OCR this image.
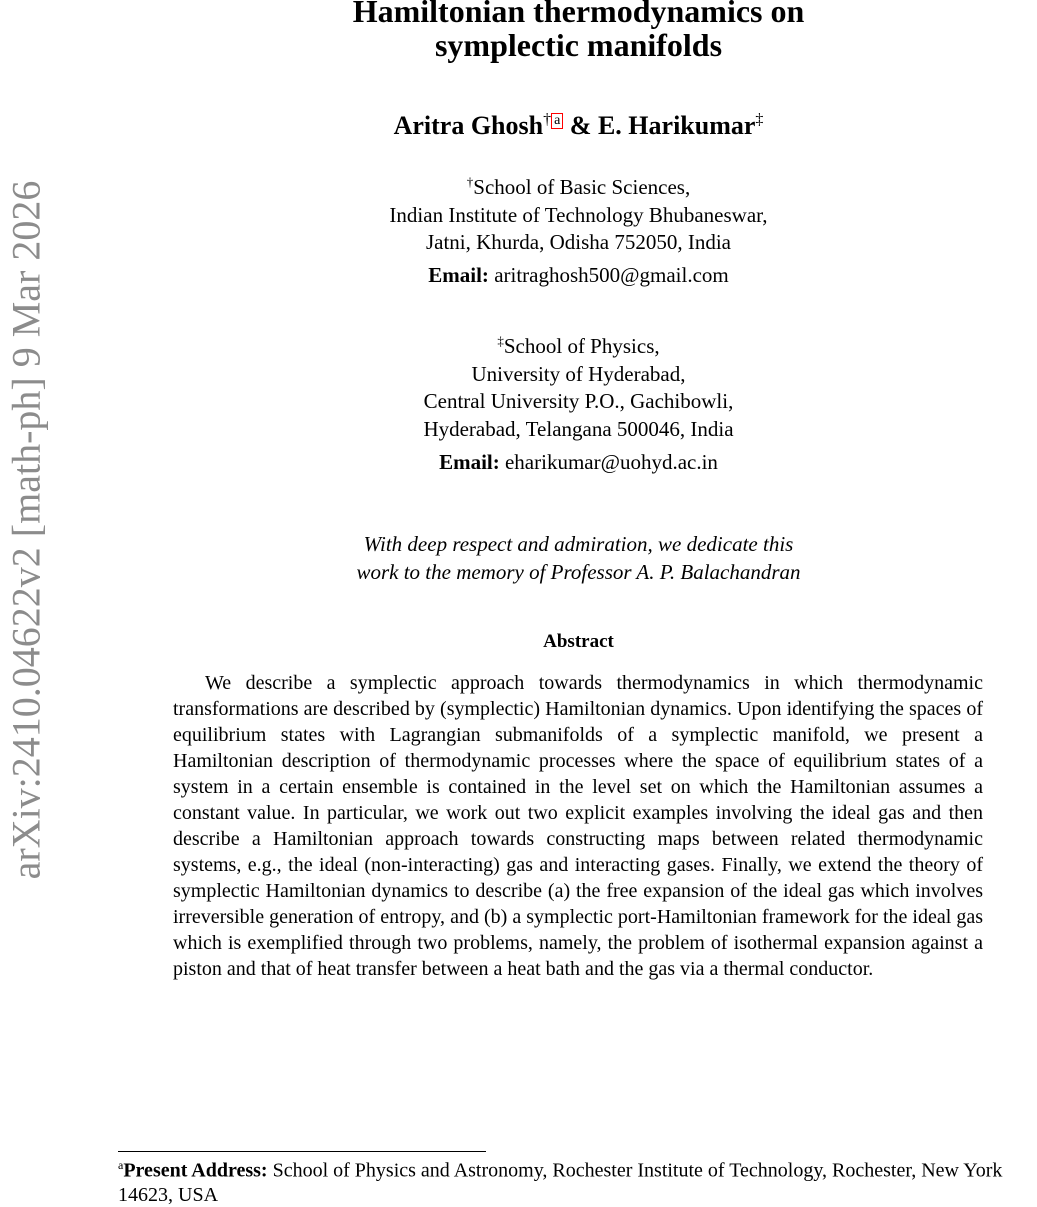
arXiv:2410.04622v2 [math-ph] 9 Mar 2026
Hamiltonian thermodynamics on
symplectic manifolds
Aritra Ghosh† a & E. Harikumar‡
†School of Basic Sciences,
Indian Institute of Technology Bhubaneswar,
Jatni, Khurda, Odisha 752050, India
Email: aritraghosh500@gmail.com
‡School of Physics,
University of Hyderabad,
Central University P.O., Gachibowli,
Hyderabad, Telangana 500046, India
Email: eharikumar@uohyd.ac.in
With deep respect and admiration, we dedicate this
work to the memory of Professor A. P. Balachandran
Abstract
We describe a symplectic approach towards thermodynamics in which thermodynamic transformations are described by (symplectic) Hamiltonian dynamics. Upon identifying the spaces of equilibrium states with Lagrangian submanifolds of a symplectic manifold, we present a Hamiltonian description of thermodynamic processes where the space of equilibrium states of a system in a certain ensemble is contained in the level set on which the Hamiltonian assumes a constant value. In particular, we work out two explicit examples involving the ideal gas and then describe a Hamiltonian approach towards constructing maps between related thermodynamic systems, e.g., the ideal (non-interacting) gas and interacting gases. Finally, we extend the theory of symplectic Hamiltonian dynamics to describe (a) the free expansion of the ideal gas which involves irreversible generation of entropy, and (b) a symplectic port-Hamiltonian framework for the ideal gas which is exemplified through two problems, namely, the problem of isothermal expansion against a piston and that of heat transfer between a heat bath and the gas via a thermal conductor.
$^a$Present Address: School of Physics and Astronomy, Rochester Institute of Technology, Rochester, New York 14623, USA
